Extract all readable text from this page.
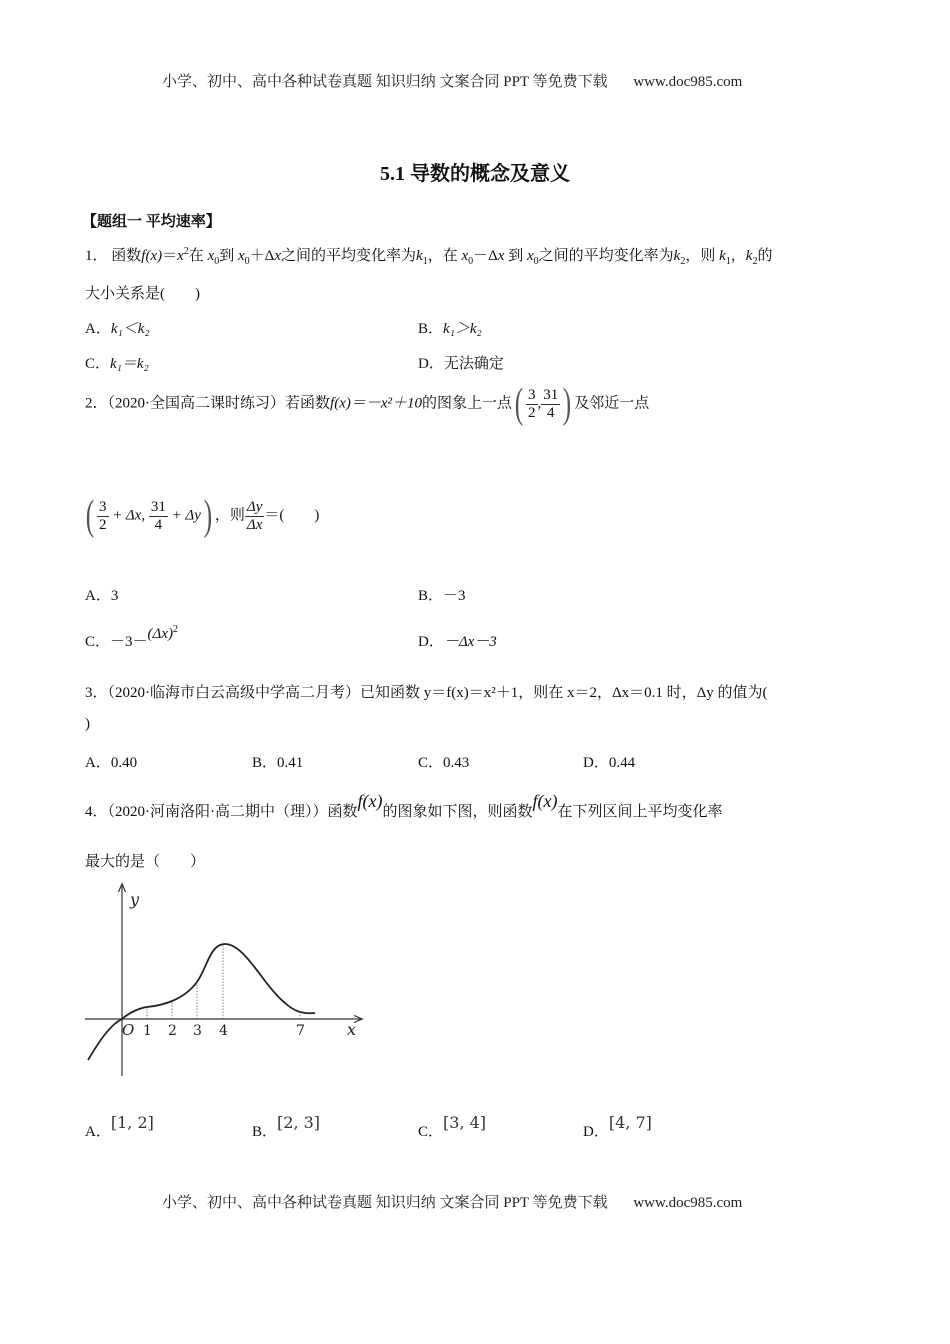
小学、初中、高中各种试卷真题 知识归纳 文案合同 PPT 等免费下载 www.doc985.com
5.1 导数的概念及意义
【题组一 平均速率】
1． 函数$f(x)=x^2$在 $x_0$到 $x_0+\Delta x$之间的平均变化率为$k_1$，在 $x_0-\Delta x$ 到 $x_0$之间的平均变化率为$k_2$，则 $k_1$，$k_2$的
大小关系是(　　)
A．k₁＜k₂	B．k₁＞k₂
C．k₁＝k₂	D．无法确定
2．（2020·全国高二课时练习）若函数f(x)＝－x²＋10的图象上一点( $\frac{3}{2}$ , $\frac{31}{4}$ ) 及邻近一点
( $\frac{3}{2} + \Delta x$, $\frac{31}{4} + \Delta y$) ，则 $\frac{\Delta y}{\Delta x}$ ＝(　　)
A．3	B．－3
C．$-3-(\Delta x)^2$
D．－Δx－3
3．（2020·临海市白云高级中学高二月考）已知函数 y＝f(x)＝x²＋1，则在 x＝2，Δx＝0.1 时，Δy 的值为(
)
A．0.40	B．0.41	C．0.43	D．0.44
4．（2020·河南洛阳·高二期中（理））函数f(x)的图象如下图，则函数f(x)在下列区间上平均变化率
最大的是（　　）
y
x
O 1 2 3 4	7
A．[1, 2]	B．[2, 3]	C．[3, 4]	D．[4, 7]
小学、初中、高中各种试卷真题 知识归纳 文案合同 PPT 等免费下载 www.doc985.com
